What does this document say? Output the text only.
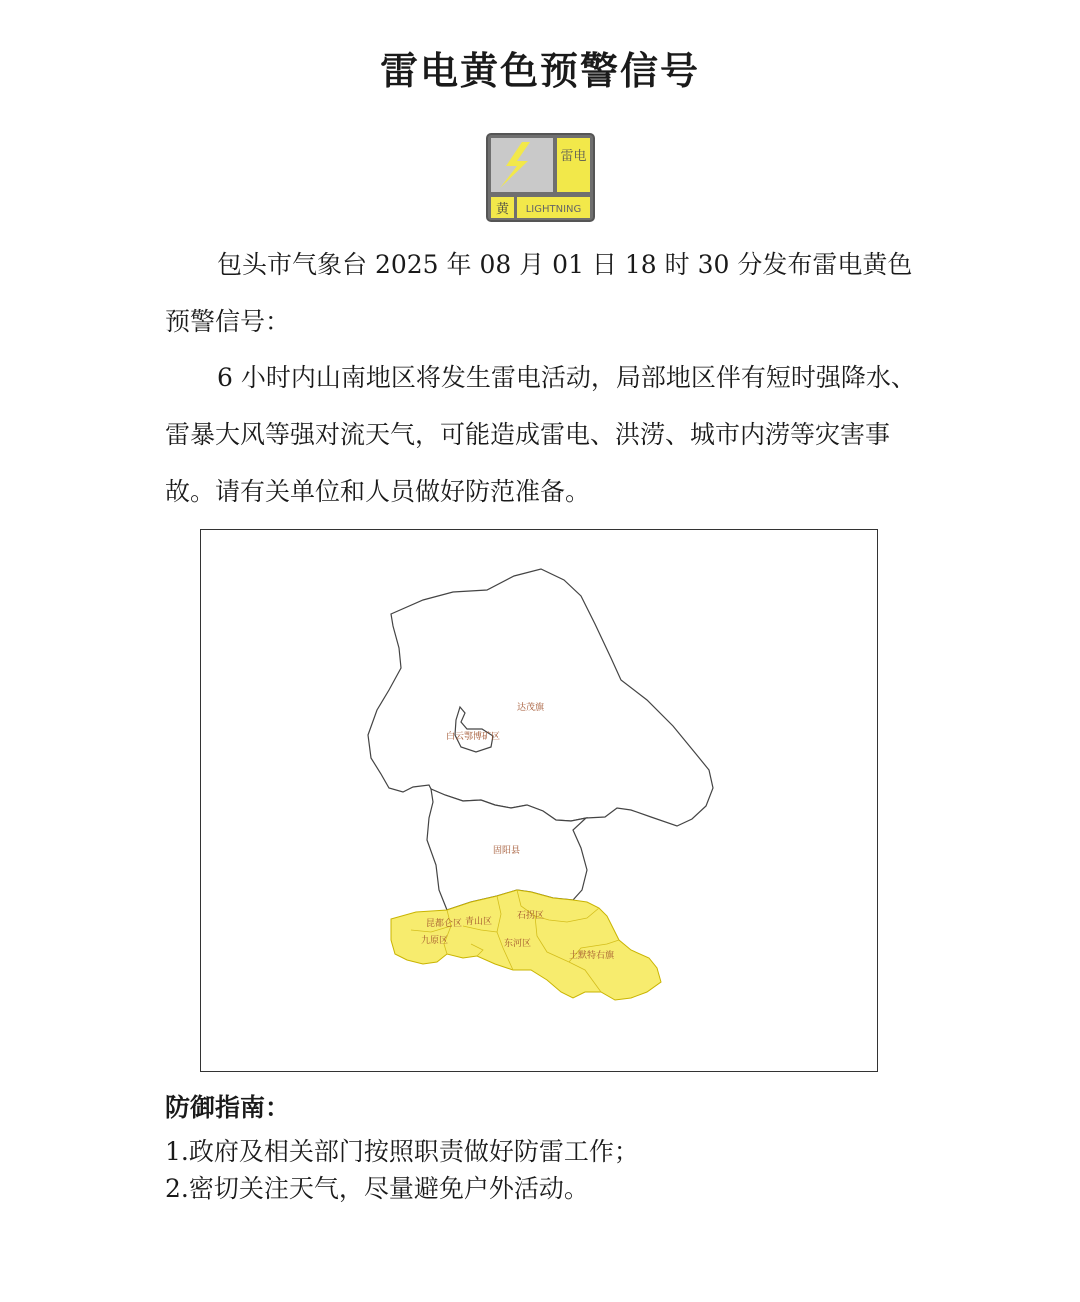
雷电黄色预警信号
雷电
黄 LIGHTNING

包头市气象台 2025 年 08 月 01 日 18 时 30 分发布雷电黄色预警信号：

6 小时内山南地区将发生雷电活动，局部地区伴有短时强降水、雷暴大风等强对流天气，可能造成雷电、洪涝、城市内涝等灾害事故。请有关单位和人员做好防范准备。

达茂旗
白云鄂博矿区
固阳县
石拐区
青山区
昆都仑区
九原区	东河区
土默特右旗
防御指南：
1.政府及相关部门按照职责做好防雷工作；
2.密切关注天气，尽量避免户外活动。
